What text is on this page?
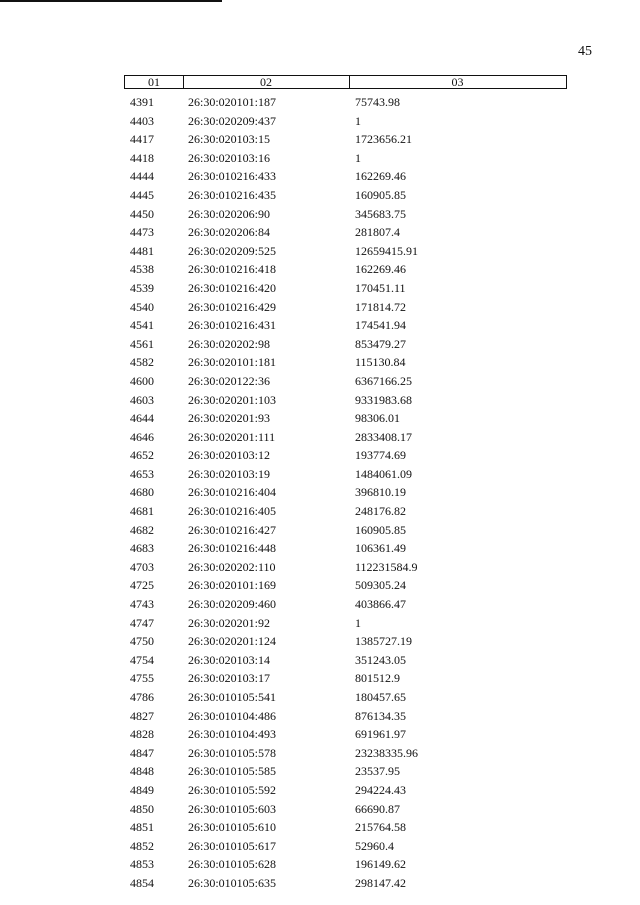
45
01	02	03
4391	26:30:020101:187	75743.98
4403	26:30:020209:437	1
4417	26:30:020103:15	1723656.21
4418	26:30:020103:16	1
4444	26:30:010216:433	162269.46
4445	26:30:010216:435	160905.85
4450	26:30:020206:90	345683.75
4473	26:30:020206:84	281807.4
4481	26:30:020209:525	12659415.91
4538	26:30:010216:418	162269.46
4539	26:30:010216:420	170451.11
4540	26:30:010216:429	171814.72
4541	26:30:010216:431	174541.94
4561	26:30:020202:98	853479.27
4582	26:30:020101:181	115130.84
4600	26:30:020122:36	6367166.25
4603	26:30:020201:103	9331983.68
4644	26:30:020201:93	98306.01
4646	26:30:020201:111	2833408.17
4652	26:30:020103:12	193774.69
4653	26:30:020103:19	1484061.09
4680	26:30:010216:404	396810.19
4681	26:30:010216:405	248176.82
4682	26:30:010216:427	160905.85
4683	26:30:010216:448	106361.49
4703	26:30:020202:110	112231584.9
4725	26:30:020101:169	509305.24
4743	26:30:020209:460	403866.47
4747	26:30:020201:92	1
4750	26:30:020201:124	1385727.19
4754	26:30:020103:14	351243.05
4755	26:30:020103:17	801512.9
4786	26:30:010105:541	180457.65
4827	26:30:010104:486	876134.35
4828	26:30:010104:493	691961.97
4847	26:30:010105:578	23238335.96
4848	26:30:010105:585	23537.95
4849	26:30:010105:592	294224.43
4850	26:30:010105:603	66690.87
4851	26:30:010105:610	215764.58
4852	26:30:010105:617	52960.4
4853	26:30:010105:628	196149.62
4854	26:30:010105:635	298147.42
